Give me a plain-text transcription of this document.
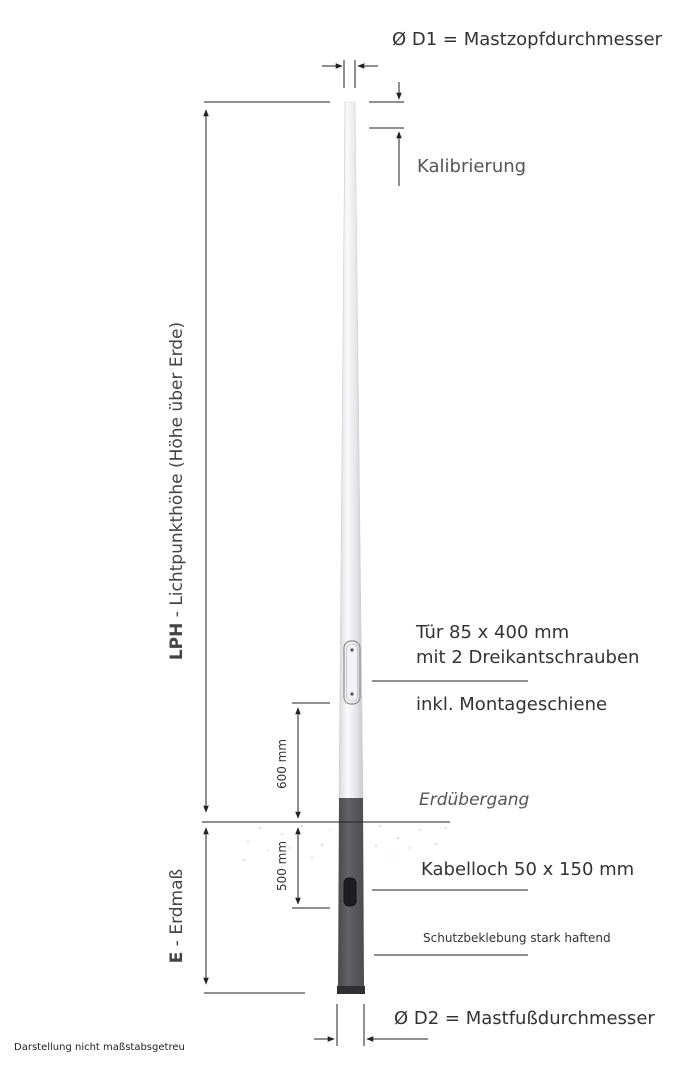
Ø D1 = Mastzopfdurchmesser
Kalibrierung
Tür 85 x 400 mm
mit 2 Dreikantschrauben
inkl. Montageschiene
Erdübergang
Kabelloch 50 x 150 mm
Schutzbeklebung stark haftend
Ø D2 = Mastfußdurchmesser
Darstellung nicht maßstabsgetreu
LPH - Lichtpunkthöhe (Höhe über Erde)
E - Erdmaß
600 mm
500 mm
